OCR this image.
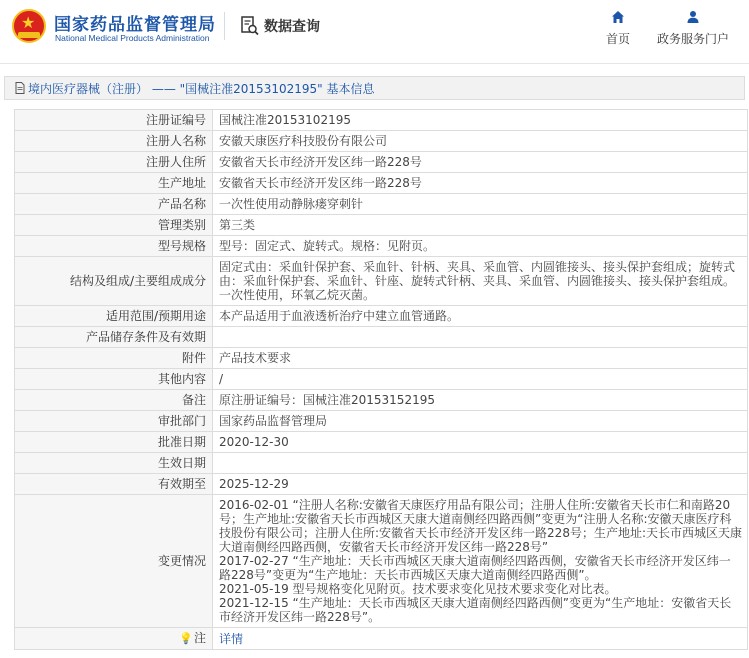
★ 国家药品监督管理局
National Medical Products Administration
数据查询
首页 政务服务门户
境内医疗器械（注册） —— "国械注准20153102195" 基本信息
注册证编号	国械注准20153102195
注册人名称	安徽天康医疗科技股份有限公司
注册人住所	安徽省天长市经济开发区纬一路228号
生产地址	安徽省天长市经济开发区纬一路228号
产品名称	一次性使用动静脉瘘穿刺针
管理类别	第三类
型号规格	型号：固定式、旋转式。规格：见附页。
结构及组成/主要组成成分	固定式由：采血针保护套、采血针、针柄、夹具、采血管、内圆锥接头、接头保护套组成；旋转式由：采血针保护套、采血针、针座、旋转式针柄、夹具、采血管、内圆锥接头、接头保护套组成。一次性使用，环氧乙烷灭菌。
适用范围/预期用途	本产品适用于血液透析治疗中建立血管通路。
产品储存条件及有效期	
附件	产品技术要求
其他内容	/
备注	原注册证编号：国械注准20153152195
审批部门	国家药品监督管理局
批准日期	2020-12-30
生效日期	
有效期至	2025-12-29
变更情况	2016-02-01 “注册人名称:安徽省天康医疗用品有限公司；注册人住所:安徽省天长市仁和南路20号；生产地址:安徽省天长市西城区天康大道南侧经四路西侧”变更为“注册人名称:安徽天康医疗科技股份有限公司；注册人住所:安徽省天长市经济开发区纬一路228号；生产地址:天长市西城区天康大道南侧经四路西侧，安徽省天长市经济开发区纬一路228号”
2017-02-27 “生产地址：天长市西城区天康大道南侧经四路西侧，安徽省天长市经济开发区纬一路228号”变更为“生产地址：天长市西城区天康大道南侧经四路西侧”。
2021-05-19 型号规格变化见附页。技术要求变化见技术要求变化对比表。
2021-12-15 “生产地址：天长市西城区天康大道南侧经四路西侧”变更为“生产地址：安徽省天长市经济开发区纬一路228号”。

💡注	详情
